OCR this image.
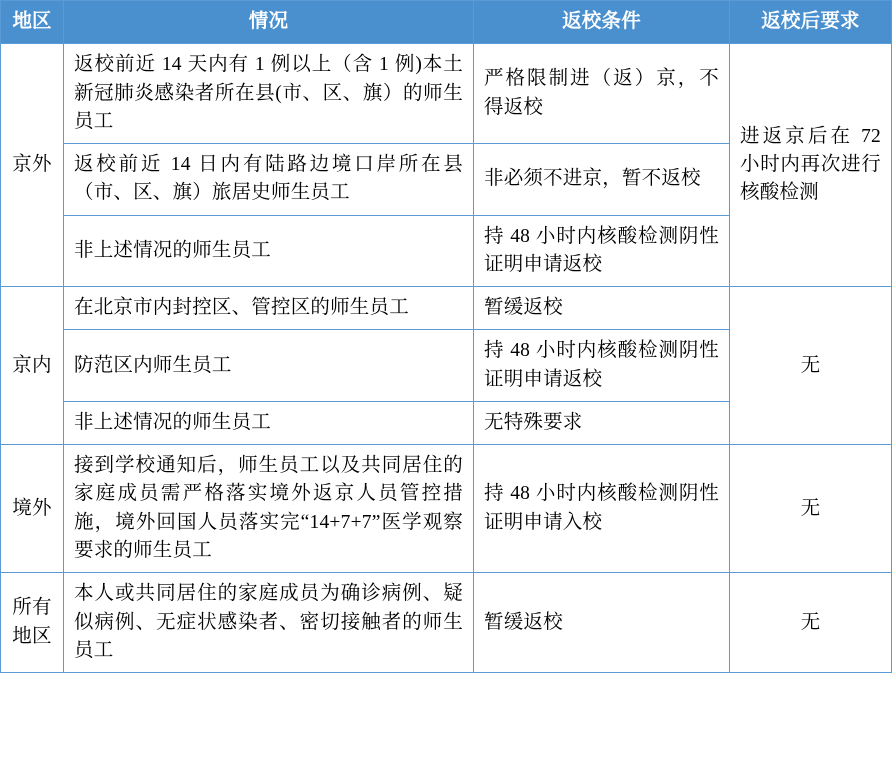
地区	情况	返校条件	返校后要求
京外	返校前近 14 天内有 1 例以上（含 1 例)本土新冠肺炎感染者所在县(市、区、旗）的师生员工	严格限制进（返）京，不得返校	进返京后在 72 小时内再次进行核酸检测
	返校前近 14 日内有陆路边境口岸所在县（市、区、旗）旅居史师生员工	非必须不进京，暂不返校	
	非上述情况的师生员工	持 48 小时内核酸检测阴性证明申请返校	
京内	在北京市内封控区、管控区的师生员工	暂缓返校	无
	防范区内师生员工	持 48 小时内核酸检测阴性证明申请返校	
	非上述情况的师生员工	无特殊要求	
境外	接到学校通知后，师生员工以及共同居住的家庭成员需严格落实境外返京人员管控措施，境外回国人员落实完“14+7+7”医学观察要求的师生员工	持 48 小时内核酸检测阴性证明申请入校	无
所有地区	本人或共同居住的家庭成员为确诊病例、疑似病例、无症状感染者、密切接触者的师生员工	暂缓返校	无
